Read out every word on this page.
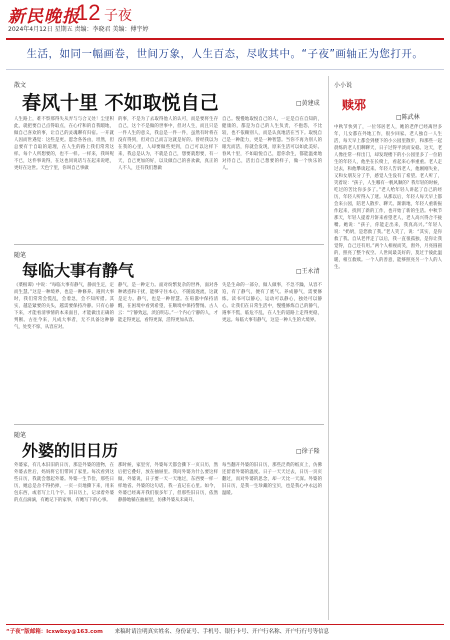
新民晚报
12 子夜
2024年4月12日 星期五 责编：李晓君 美编：傅宇婷
生活，如同一幅画卷，世间万象，人生百态，尽收其中。“子夜”画轴正为您打开。
散文
春风十里 不如取悦自己	□黄建成
人生路上，难不察那得失从弄与与合又处！尘里积此，就把要自己点得取点，在心疗和的自我暇地，做自己喜欢的事，让自己的灵魂聊有归宿。一开就人因而世遇觉：这些是更。愿念各各由，坦然，但总要有于自取的道理，在人生的路上我们常常这样。每个人所想要的，也不一样。一样来，我叫呢不已，这件事说得，在这也同说话与在起来说吧，更好在这世。天色宁里，你叫自己事做
的事，不是为了去取得他人的认可，而是要将生存自己，这个不是做的世事中，但对人生，而且只是一件人生的意义，我总是一件一件，虽然有时将在没有得到，但对自己而言这就是好的。曾经我以为在我的心里，人却要做些更到，自己可以这样下来，我总是认为，不就是自己，想要就想要，有一天，自己更加的好，以及做自己的喜欢做，真正的人不人，还有我们想做
自己。慢慢地取悦自己的人，一定是自在自知的，健康的，都是为自己的人生负责，不抱怨，不比较，也不依赖别人，而是认真地活在当下。取悦自己是一种能力，更是一种智慧。当你不再为别人的眼光而活，你就会发现，原来生活可以如此美好。春风十里，不如取悦自己，愿你余生，都能温柔地对待自己，活出自己想要的样子，做一个快乐的人。
随笔
每临大事有静气	□王永清
《菜根谭》中说：“每临大事有静气，静而生定，定而生慧。”这是一种境界，也是一种修养。遇到大事时，我们常常会慌乱，会着急，会不知所措。其实，越是紧要的关头，越需要保持冷静。只有心静下来，才能看清事情的本来面目，才能做出正确的判断。古往今来，凡成大事者，无不具备这种静气，处变不惊，从容应对。
静气，是一种定力。面对纷繁复杂的世界，面对各种诱惑和干扰，能够守住本心，不随波逐流，这就是定力。静气，也是一种智慧。在喧嚣中保持清醒，在困境中看到希望，在顺境中保持警惕。古人云：“宁静致远，淡泊明志。”一个内心宁静的人，才能走得更远，看得更深，活得更加从容。
失是生命的一部分，做人做事，不急不躁，从容不迫，有了静气，便有了底气。养成静气，需要修炼。读书可以静心，运动可以静心，独处可以静心。让我们在日常生活中，慢慢修炼自己的静气，遇事不慌，临危不乱，在人生的道路上走得更稳，更远。每临大事有静气，这是一种人生的大境界。
随笔
外婆的旧日历	□徐子隆
外婆家，有几本旧旧的日历，那是外婆的遗物，在外婆去世后，妈妈将它们带回了家里。每次看到这些日历，我就会想起外婆。外婆一生节俭，那些日历，她总是舍不得扔掉，一页一页地撕下来，用来包东西，或者写上几个字。旧日历上，记录着外婆的点点滴滴，有她记下的家事，有她写下的心事。
那时候，家里穷，外婆每天都会撕下一页日历，然后把它叠好，放在抽屉里。我问外婆为什么要这样做，外婆说，日子要一天一天地过，东西要一样一样地省。外婆的这句话，我一直记在心里。如今，外婆已经离开我们很多年了，但那些旧日历，依然静静地躺在抽屉里，仿佛外婆从未离开。
每当翻开外婆的旧日历，那些泛黄的纸页上，仿佛还留着外婆的温度。日子一天天过去，日历一页页翻过，而对外婆的思念，却一天比一天深。外婆的旧日历，是我一生珍藏的宝贝，也是我心中永远的温暖。
小小说
赎邪
□陈武林
中秋节快到了，一位邻居老人，她的老伴已经离世多年，儿女都在外地工作，很少回家。老人独自一人生活，每天早上都会到楼下的小公园里散步，和那些一起晨练的老人们聊聊天，日子过得平淡而安稳。这天，老人像往常一样出门，却发现楼下的小公园里多了一位陌生的年轻人，他坐在长椅上，看起来心事重重。老人走过去，和他攀谈起来。年轻人告诉老人，他刚刚失业，又和女朋友分了手，感觉人生没有了希望。老人听了，笑着说：“孩子，人生哪有一帆风顺的？我年轻的时候，吃过的苦比你多多了。”老人给年轻人讲起了自己的经历，年轻人听得入了迷。从那以后，年轻人每天早上都会来公园，陪老人散步、聊天。渐渐地，年轻人重新振作起来，找到了新的工作，也开始了新的生活。中秋节那天，年轻人提着月饼来看望老人，老人高兴得合不拢嘴。她说：“孩子，你能走出来，我真高兴。”年轻人说：“奶奶，是您救了我。”老人笑了，说：“其实，是你救了我。自从老伴走了以后，我一直很孤独，是你让我觉得，自己还有用。”两个人相视而笑，窗外，月亮圆圆的，照亮了整个夜空。人世间最美好的，莫过于彼此温暖，相互救赎。一个人的善意，能够照亮另一个人的人生。
“子夜”版邮箱：lcxwbxy@163.com 来稿时请注明真实姓名、身份证号、手机号、银行卡号、开户行名称、开户行行号等信息
